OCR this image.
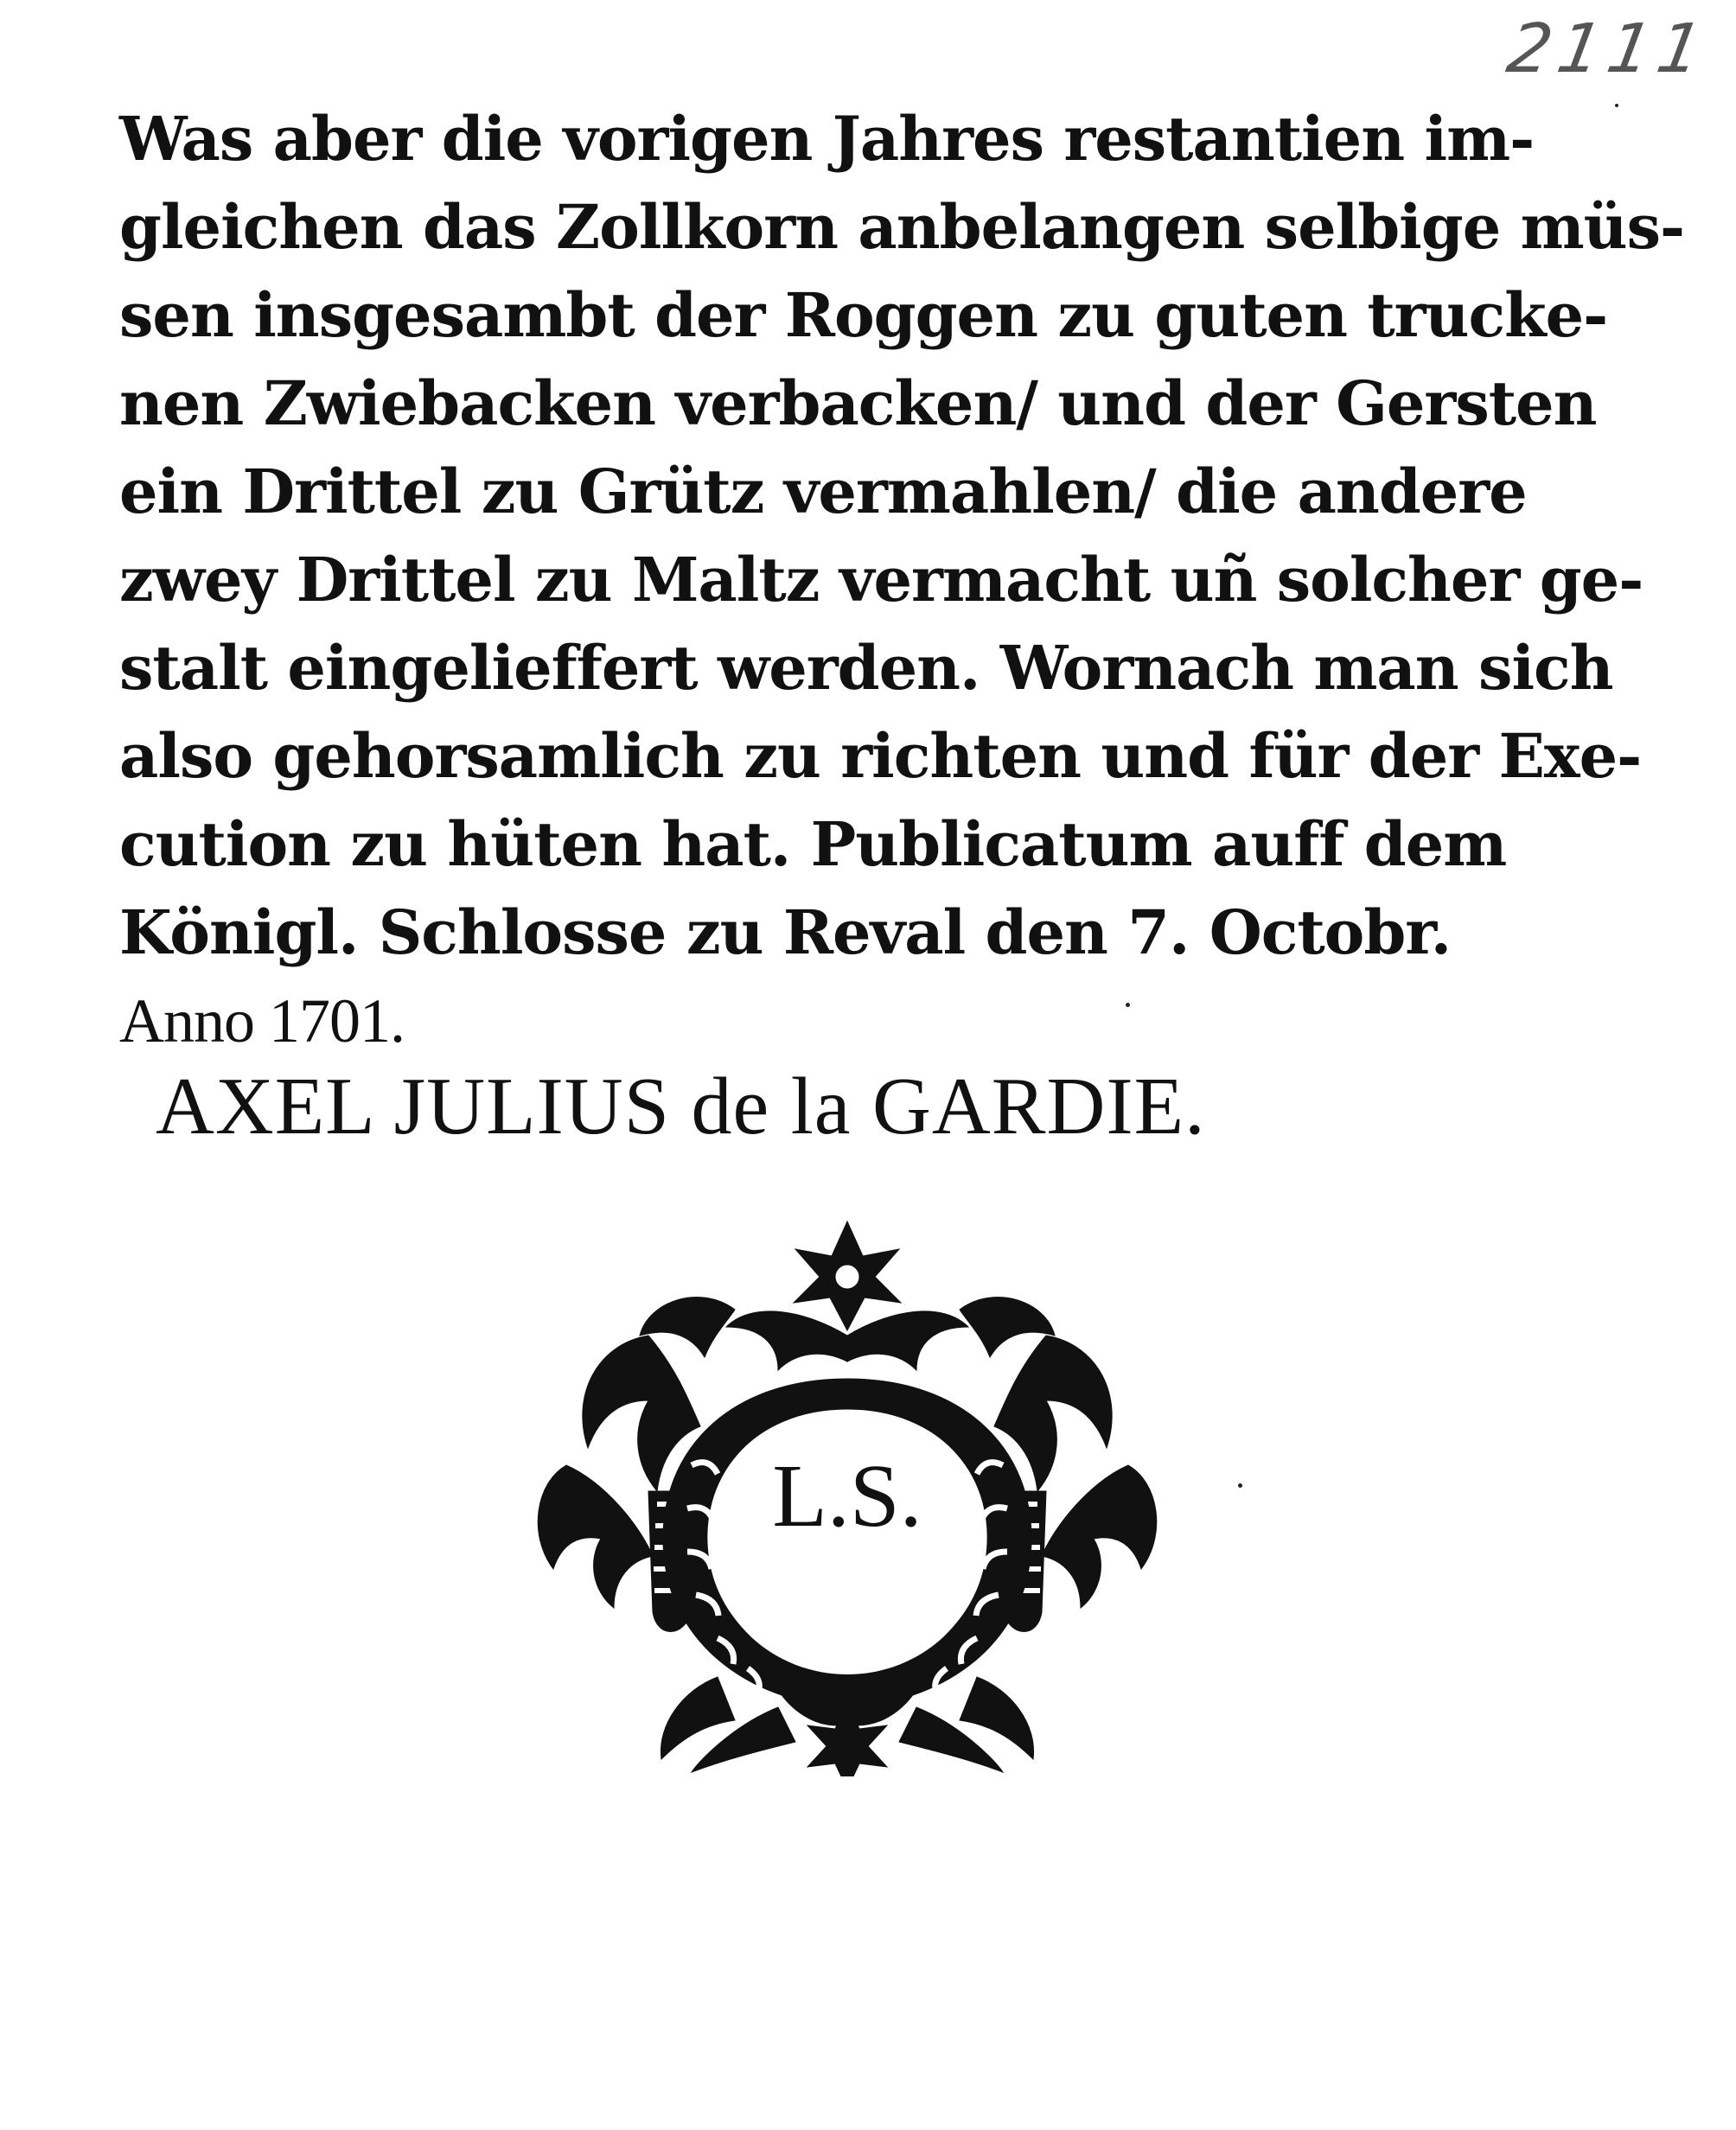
2111
Was aber die vorigen Jahres restantien im-
gleichen das Zollkorn anbelangen selbige müs-
sen insgesambt der Roggen zu guten trucke-
nen Zwiebacken verbacken/ und der Gersten
ein Drittel zu Grütz vermahlen/ die andere
zwey Drittel zu Maltz vermacht uñ solcher ge-
stalt eingelieffert werden. Wornach man sich
also gehorsamlich zu richten und für der Exe-
cution zu hüten hat. Publicatum auff dem
Königl. Schlosse zu Reval den 7. Octobr.
Anno 1701.
AXEL JULIUS de la GARDIE.
L.S.
